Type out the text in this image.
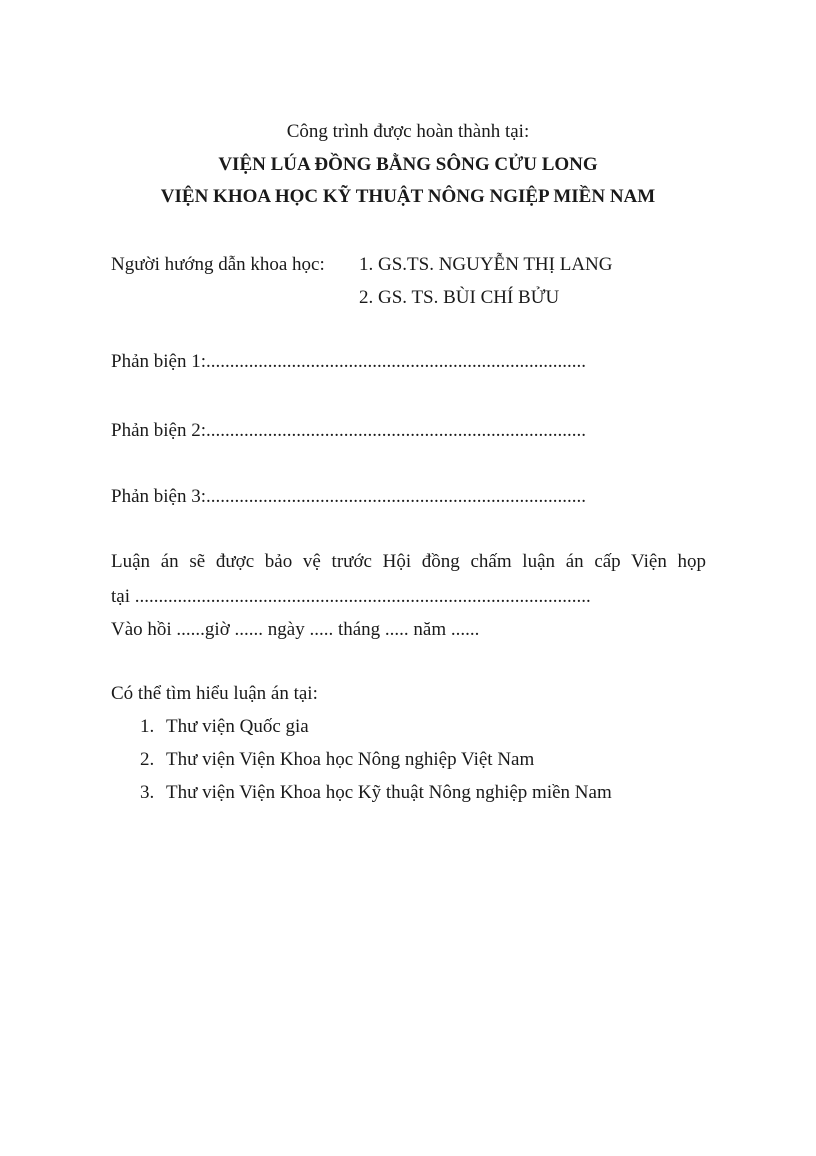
Công trình được hoàn thành tại:
VIỆN LÚA ĐỒNG BẰNG SÔNG CỬU LONG
VIỆN KHOA HỌC KỸ THUẬT NÔNG NGIỆP MIỀN NAM
Người hướng dẫn khoa học: 1. GS.TS. NGUYỄN THỊ LANG
2. GS. TS. BÙI CHÍ BỬU
Phản biện 1:................................................................................
Phản biện 2:................................................................................
Phản biện 3:................................................................................
Luận án sẽ được bảo vệ trước Hội đồng chấm luận án cấp Viện họp
tại ................................................................................................
Vào hồi ......giờ ...... ngày ..... tháng ..... năm ......
Có thể tìm hiểu luận án tại:
1. Thư viện Quốc gia
2. Thư viện Viện Khoa học Nông nghiệp Việt Nam
3. Thư viện Viện Khoa học Kỹ thuật Nông nghiệp miền Nam
